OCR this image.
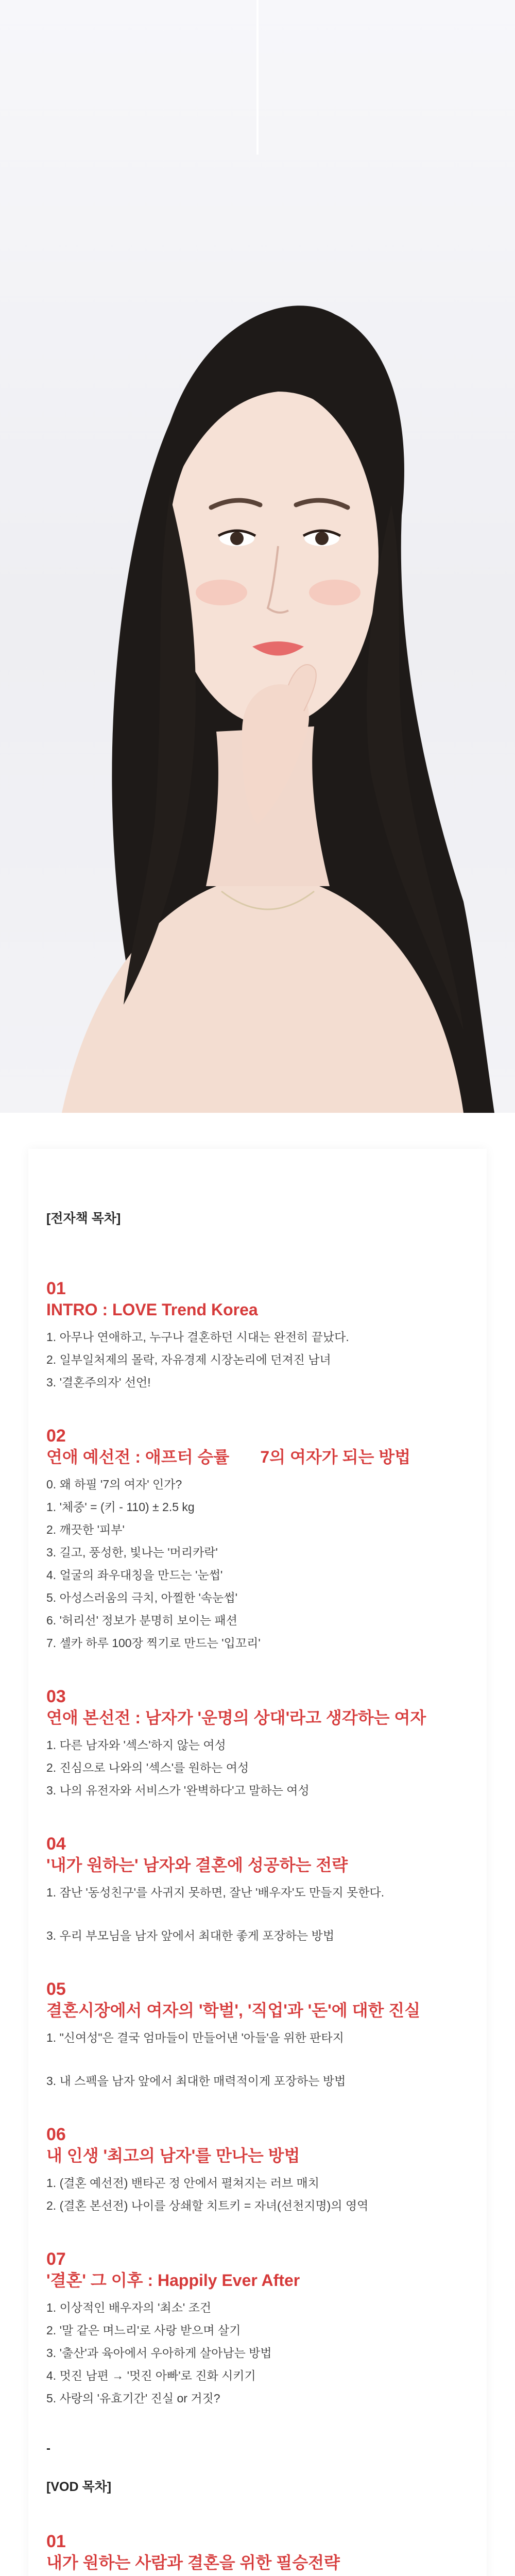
[전자책 목차]
01
INTRO : LOVE Trend Korea
1. 아무나 연애하고, 누구나 결혼하던 시대는 완전히 끝났다.
2. 일부일처제의 몰락, 자유경제 시장논리에 던져진 남녀
3. '결혼주의자' 선언!
02
연애 예선전 : 애프터 승률 7의 여자가 되는 방법
0. 왜 하필 '7의 여자' 인가?
1. '체중' = (키 - 110) ± 2.5 kg
2. 깨끗한 '피부'
3. 길고, 풍성한, 빛나는 '머리카락'
4. 얼굴의 좌우대칭을 만드는 '눈썹'
5. 아성스러움의 극치, 아찔한 '속눈썹'
6. '허리선' 정보가 분명히 보이는 패션
7. 셀카 하루 100장 찍기로 만드는 '입꼬리'
03
연애 본선전 : 남자가 '운명의 상대'라고 생각하는 여자
1. 다른 남자와 '섹스'하지 않는 여성
2. 진심으로 나와의 '섹스'를 원하는 여성
3. 나의 유전자와 서비스가 '완벽하다'고 말하는 여성
04
'내가 원하는' 남자와 결혼에 성공하는 전략
1. 잠난 '동성친구'를 사귀지 못하면, 잘난 '배우자'도 만들지 못한다.
3. 우리 부모님을 남자 앞에서 최대한 좋게 포장하는 방법
05
결혼시장에서 여자의 '학벌', '직업'과 '돈'에 대한 진실
1. "신여성"은 결국 엄마들이 만들어낸 '아들'을 위한 판타지
3. 내 스펙을 남자 앞에서 최대한 매력적이게 포장하는 방법
06
내 인생 '최고의 남자'를 만나는 방법
1. (결혼 예선전) 밴타곤 정 안에서 펼쳐지는 러브 매치
2. (결혼 본선전) 나이를 상쇄할 치트키 = 자녀(선천지명)의 영역
07
'결혼' 그 이후 : Happily Ever After
1. 이상적인 배우자의 '최소' 조건
2. '말 같은 며느리'로 사랑 받으며 살기
3. '출산'과 육아에서 우아하게 살아남는 방법
4. 멋진 남편 → '멋진 아빠'로 진화 시키기
5. 사랑의 '유효기간' 진실 or 거짓?
-
[VOD 목차]
01
내가 원하는 사람과 결혼을 위한 필승전략
